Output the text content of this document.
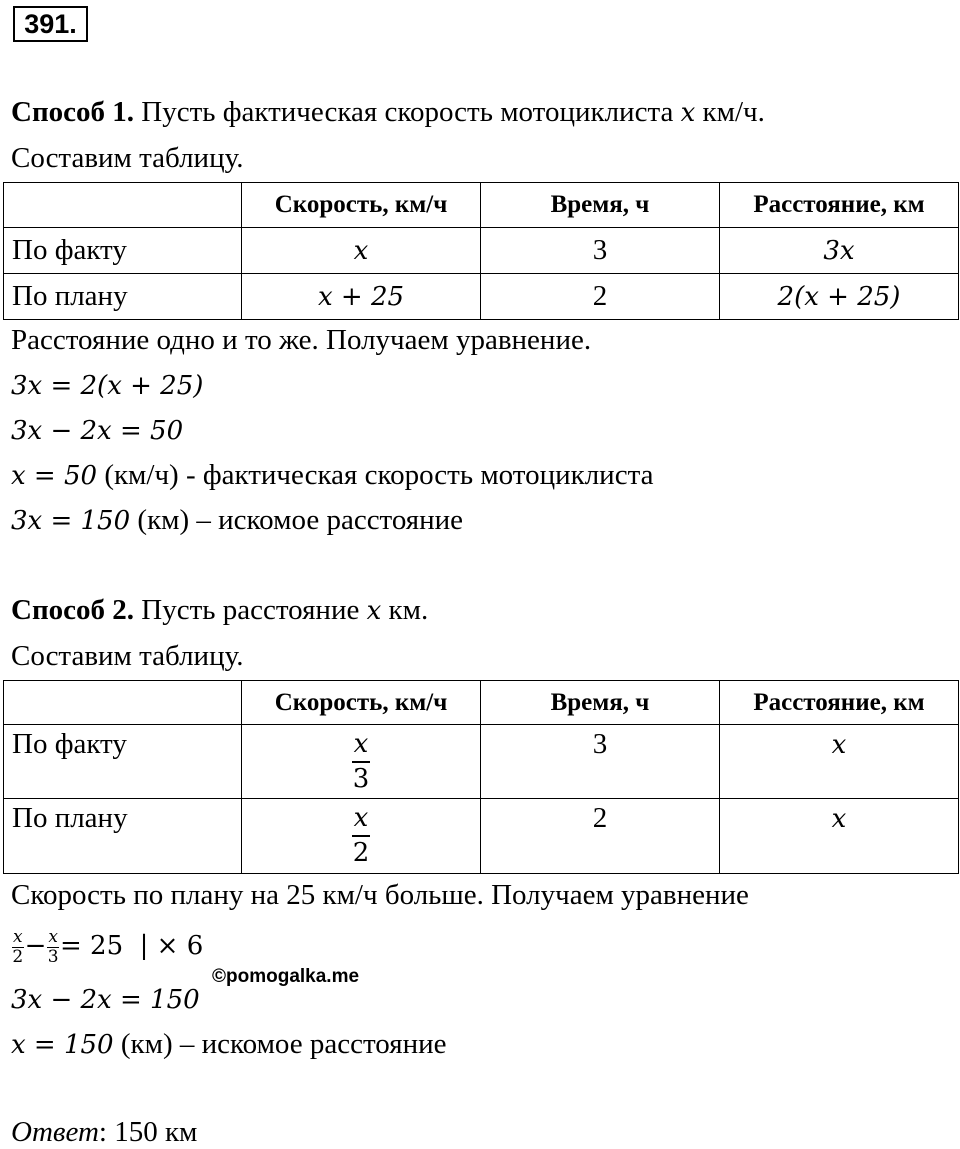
391.
Способ 1. Пусть фактическая скорость мотоциклиста x км/ч.
Составим таблицу.
	Скорость, км/ч	Время, ч	Расстояние, км
По факту	x	3	3x
По плану	x + 25	2	2(x + 25)
Расстояние одно и то же. Получаем уравнение.
3x = 2(x + 25)
3x − 2x = 50
x = 50 (км/ч) - фактическая скорость мотоциклиста
3x = 150 (км) – искомое расстояние
Способ 2. Пусть расстояние x км.
Составим таблицу.
	Скорость, км/ч	Время, ч	Расстояние, км
По факту	$\frac{x}{3}$	3	x
По плану	$\frac{x}{2}$	2	x
Скорость по плану на 25 км/ч больше. Получаем уравнение
$\frac{x}{2} - \frac{x}{3} = 25$  | × 6
3x − 2x = 150
x = 150 (км) – искомое расстояние
Ответ: 150 км
©pomogalka.me
